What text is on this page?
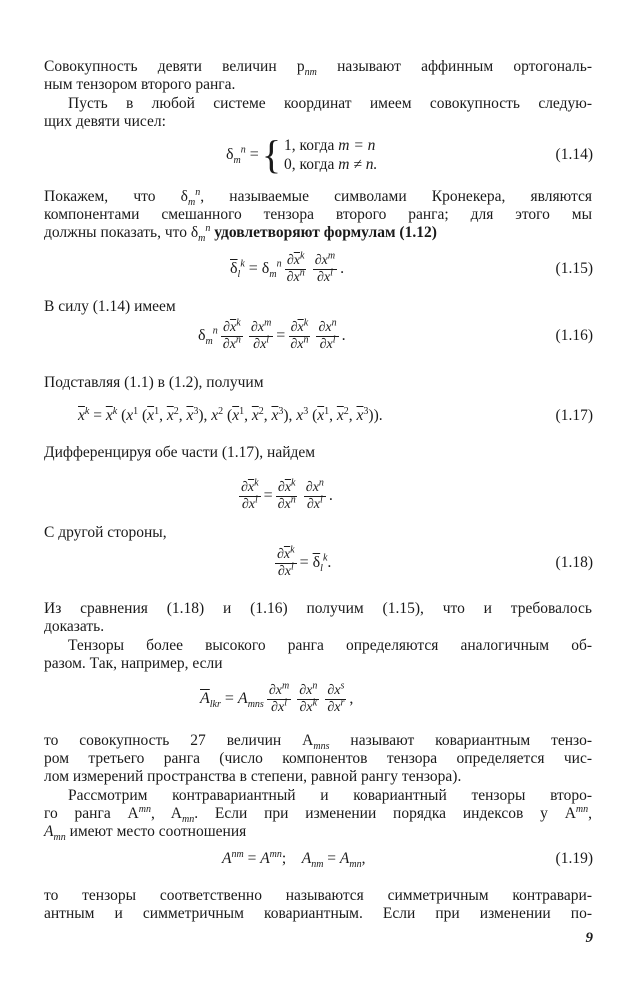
Совокупность девяти величин $p_{nm}$ называют аффинным ортогональ-
ным тензором второго ранга.

Пусть в любой системе координат имеем совокупность следую-
щих девяти чисел:

$\delta_m^n$ = { 1, когда m = n
0, когда m ≠ n.
(1.14)

Покажем, что $\delta_m^n$, называемые символами Кронекера, являются
компонентами смешанного тензора второго ранга; для этого мы
должны показать, что $\delta_m^n$ удовлетворяют формулам (1.12)

$\overline{\delta}_l^k = \delta_m^n \frac{\partial\overline{x}^k}{\partial x^n} \frac{\partial x^m}{\partial\overline{x}^l}$ .	(1.15)

В силу (1.14) имеем

$\delta_m^n \frac{\partial\overline{x}^k}{\partial x^n} \frac{\partial x^m}{\partial\overline{x}^l} = \frac{\partial\overline{x}^k}{\partial x^n} \frac{\partial x^n}{\partial\overline{x}^l}$ .	(1.16)

Подставляя (1.1) в (1.2), получим

$\overline{x}^k = \overline{x}^k$ ($x^1$ ($\overline{x}^1$, $\overline{x}^2$, $\overline{x}^3$), $x^2$ ($\overline{x}^1$, $\overline{x}^2$, $\overline{x}^3$), $x^3$ ($\overline{x}^1$, $\overline{x}^2$, $\overline{x}^3$)).	(1.17)

Дифференцируя обе части (1.17), найдем

$\frac{\partial\overline{x}^k}{\partial\overline{x}^l} = \frac{\partial\overline{x}^k}{\partial x^n} \frac{\partial x^n}{\partial\overline{x}^l}$ .

С другой стороны,

$\frac{\partial\overline{x}^k}{\partial\overline{x}^l} = \overline{\delta}_l^k$.	(1.18)

Из сравнения (1.18) и (1.16) получим (1.15), что и требовалось
доказать.

Тензоры более высокого ранга определяются аналогичным об-
разом. Так, например, если

$\overline{A}_{lkr} = A_{mns} \frac{\partial x^m}{\partial\overline{x}^l} \frac{\partial x^n}{\partial\overline{x}^k} \frac{\partial x^s}{\partial\overline{x}^r}$ ,

то совокупность 27 величин $A_{mns}$ называют ковариантным тензо-
ром третьего ранга (число компонентов тензора определяется чис-
лом измерений пространства в степени, равной рангу тензора).

Рассмотрим контравариантный и ковариантный тензоры второ-
го ранга $A^{mn}$, $A_{mn}$. Если при изменении порядка индексов у $A^{mn}$,
$A_{mn}$ имеют место соотношения

$A^{nm} = A^{mn}$;    $A_{nm} = A_{mn}$,	(1.19)

то тензоры соответственно называются симметричным контравари-
антным и симметричным ковариантным. Если при изменении по-

9
